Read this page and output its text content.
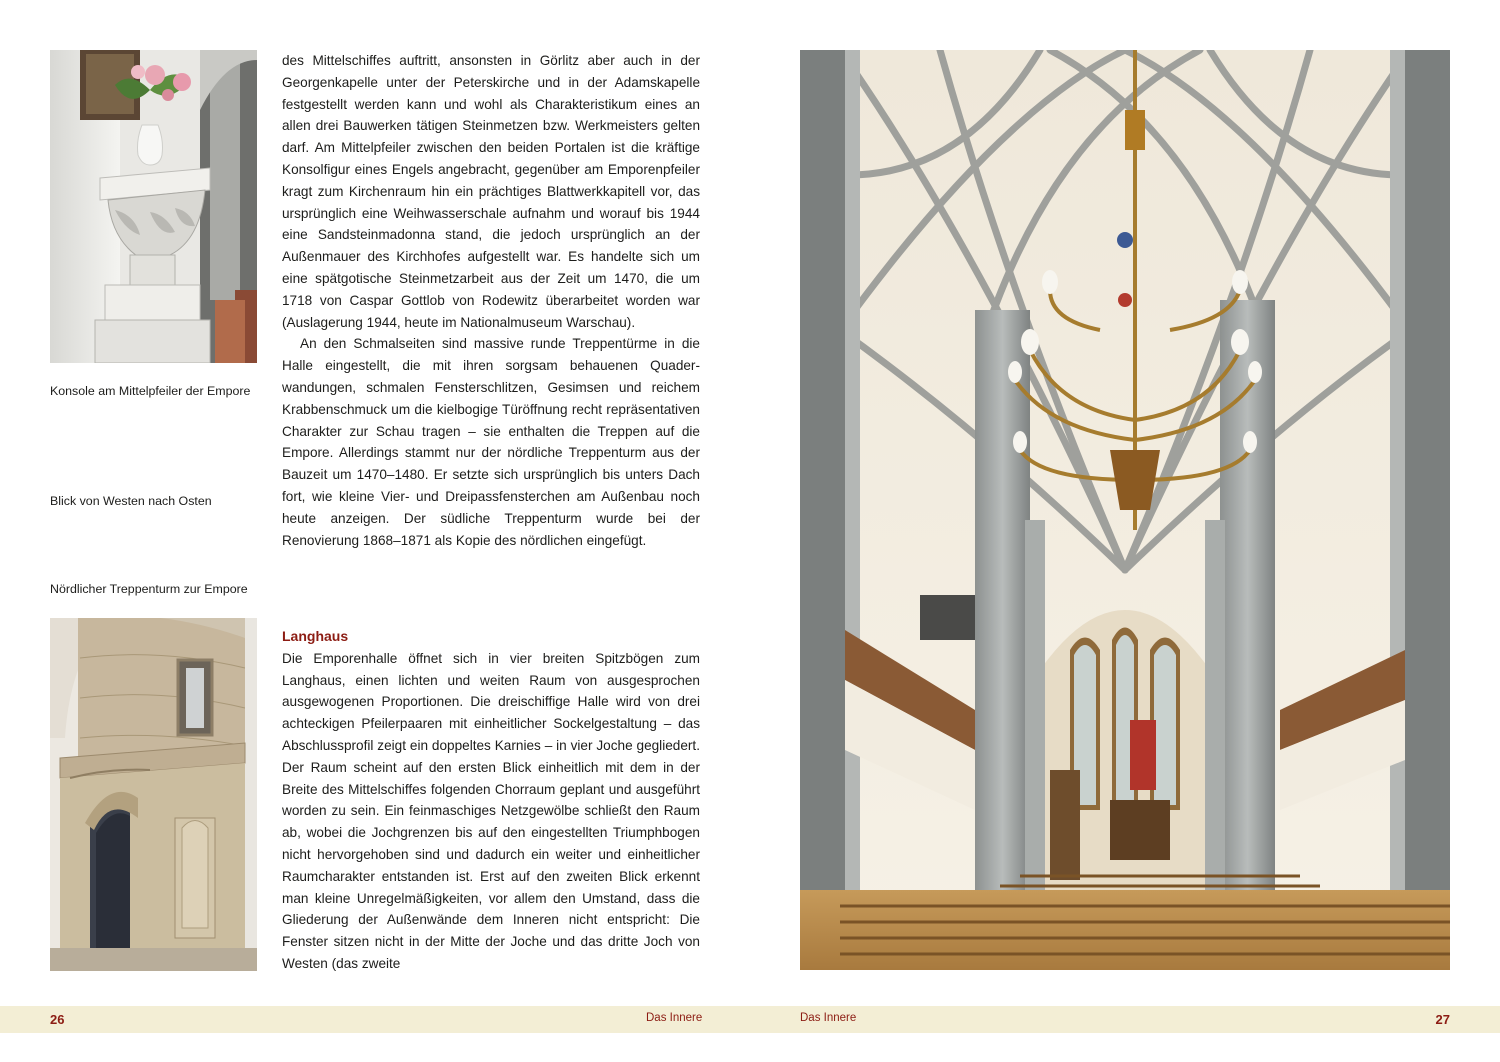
Konsole am Mittelpfeiler der Empore
Blick von Westen nach Osten
Nördlicher Treppenturm zur Empore

des Mittelschiffes auftritt, ansonsten in Görlitz aber auch in der Georgenkapelle unter der Peterskirche und in der Adamskapelle festgestellt werden kann und wohl als Charakteristikum eines an allen drei Bauwerken tätigen Steinmetzen bzw. Werkmeisters gelten darf. Am Mittelpfeiler zwischen den beiden Portalen ist die kräftige Konsolfigur eines Engels angebracht, gegenüber am Emporenpfeiler kragt zum Kirchenraum hin ein prächtiges Blattwerkkapitell vor, das ursprünglich eine Weihwasserschale aufnahm und worauf bis 1944 eine Sandsteinmadonna stand, die jedoch ursprünglich an der Außenmauer des Kirchhofes aufgestellt war. Es handelte sich um eine spätgotische Steinmetzarbeit aus der Zeit um 1470, die um 1718 von Caspar Gottlob von Rodewitz überarbeitet worden war (Auslagerung 1944, heute im Nationalmuseum Warschau).

An den Schmalseiten sind massive runde Treppentürme in die Halle eingestellt, die mit ihren sorgsam behauenen Quaderwandungen, schmalen Fensterschlitzen, Gesimsen und reichem Krabbenschmuck um die kielbogige Türöffnung recht repräsentativen Charakter zur Schau tragen – sie enthalten die Treppen auf die Empore. Allerdings stammt nur der nördliche Treppenturm aus der Bauzeit um 1470–1480. Er setzte sich ursprünglich bis unters Dach fort, wie kleine Vier- und Dreipassfensterchen am Außenbau noch heute anzeigen. Der südliche Treppenturm wurde bei der Renovierung 1868–1871 als Kopie des nördlichen eingefügt.

Langhaus

Die Emporenhalle öffnet sich in vier breiten Spitzbögen zum Langhaus, einen lichten und weiten Raum von ausgesprochen ausgewogenen Proportionen. Die dreischiffige Halle wird von drei achteckigen Pfeilerpaaren mit einheitlicher Sockelgestaltung – das Abschlussprofil zeigt ein doppeltes Karnies – in vier Joche gegliedert. Der Raum scheint auf den ersten Blick einheitlich mit dem in der Breite des Mittelschiffes folgenden Chorraum geplant und ausgeführt worden zu sein. Ein feinmaschiges Netzgewölbe schließt den Raum ab, wobei die Jochgrenzen bis auf den eingestellten Triumphbogen nicht hervorgehoben sind und dadurch ein weiter und einheitlicher Raumcharakter entstanden ist. Erst auf den zweiten Blick erkennt man kleine Unregelmäßigkeiten, vor allem den Umstand, dass die Gliederung der Außenwände dem Inneren nicht entspricht: Die Fenster sitzen nicht in der Mitte der Joche und das dritte Joch von Westen (das zweite

26	Das Innere	Das Innere	27
